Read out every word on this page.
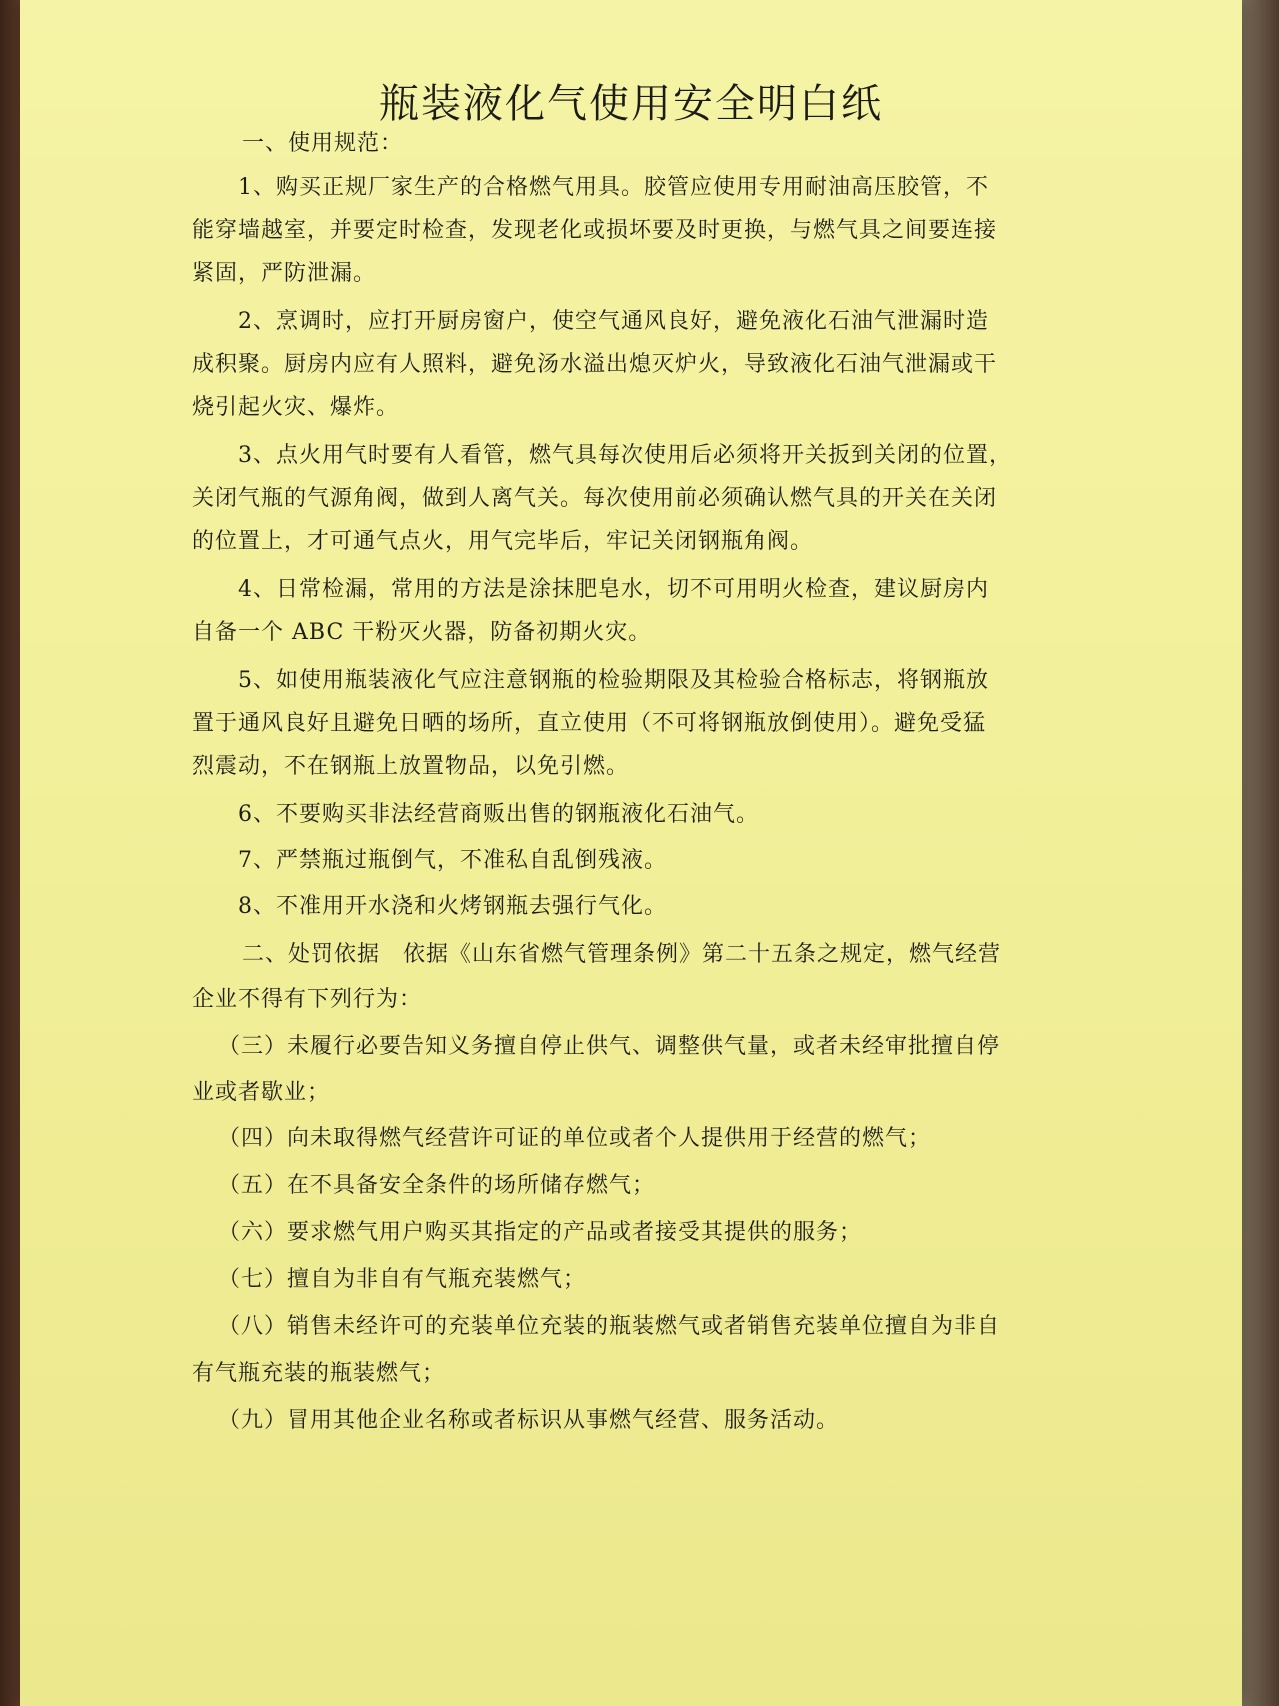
瓶装液化气使用安全明白纸
一、使用规范：
1、购买正规厂家生产的合格燃气用具。胶管应使用专用耐油高压胶管，不
能穿墙越室，并要定时检查，发现老化或损坏要及时更换，与燃气具之间要连接
紧固，严防泄漏。
2、烹调时，应打开厨房窗户，使空气通风良好，避免液化石油气泄漏时造
成积聚。厨房内应有人照料，避免汤水溢出熄灭炉火，导致液化石油气泄漏或干
烧引起火灾、爆炸。
3、点火用气时要有人看管，燃气具每次使用后必须将开关扳到关闭的位置，
关闭气瓶的气源角阀，做到人离气关。每次使用前必须确认燃气具的开关在关闭
的位置上，才可通气点火，用气完毕后，牢记关闭钢瓶角阀。
4、日常检漏，常用的方法是涂抹肥皂水，切不可用明火检查，建议厨房内
自备一个 ABC 干粉灭火器，防备初期火灾。
5、如使用瓶装液化气应注意钢瓶的检验期限及其检验合格标志，将钢瓶放
置于通风良好且避免日晒的场所，直立使用（不可将钢瓶放倒使用）。避免受猛
烈震动，不在钢瓶上放置物品，以免引燃。
6、不要购买非法经营商贩出售的钢瓶液化石油气。
7、严禁瓶过瓶倒气，不准私自乱倒残液。
8、不准用开水浇和火烤钢瓶去强行气化。
二、处罚依据　依据《山东省燃气管理条例》第二十五条之规定，燃气经营
企业不得有下列行为：
（三）未履行必要告知义务擅自停止供气、调整供气量，或者未经审批擅自停
业或者歇业；
（四）向未取得燃气经营许可证的单位或者个人提供用于经营的燃气；
（五）在不具备安全条件的场所储存燃气；
（六）要求燃气用户购买其指定的产品或者接受其提供的服务；
（七）擅自为非自有气瓶充装燃气；
（八）销售未经许可的充装单位充装的瓶装燃气或者销售充装单位擅自为非自
有气瓶充装的瓶装燃气；
（九）冒用其他企业名称或者标识从事燃气经营、服务活动。
